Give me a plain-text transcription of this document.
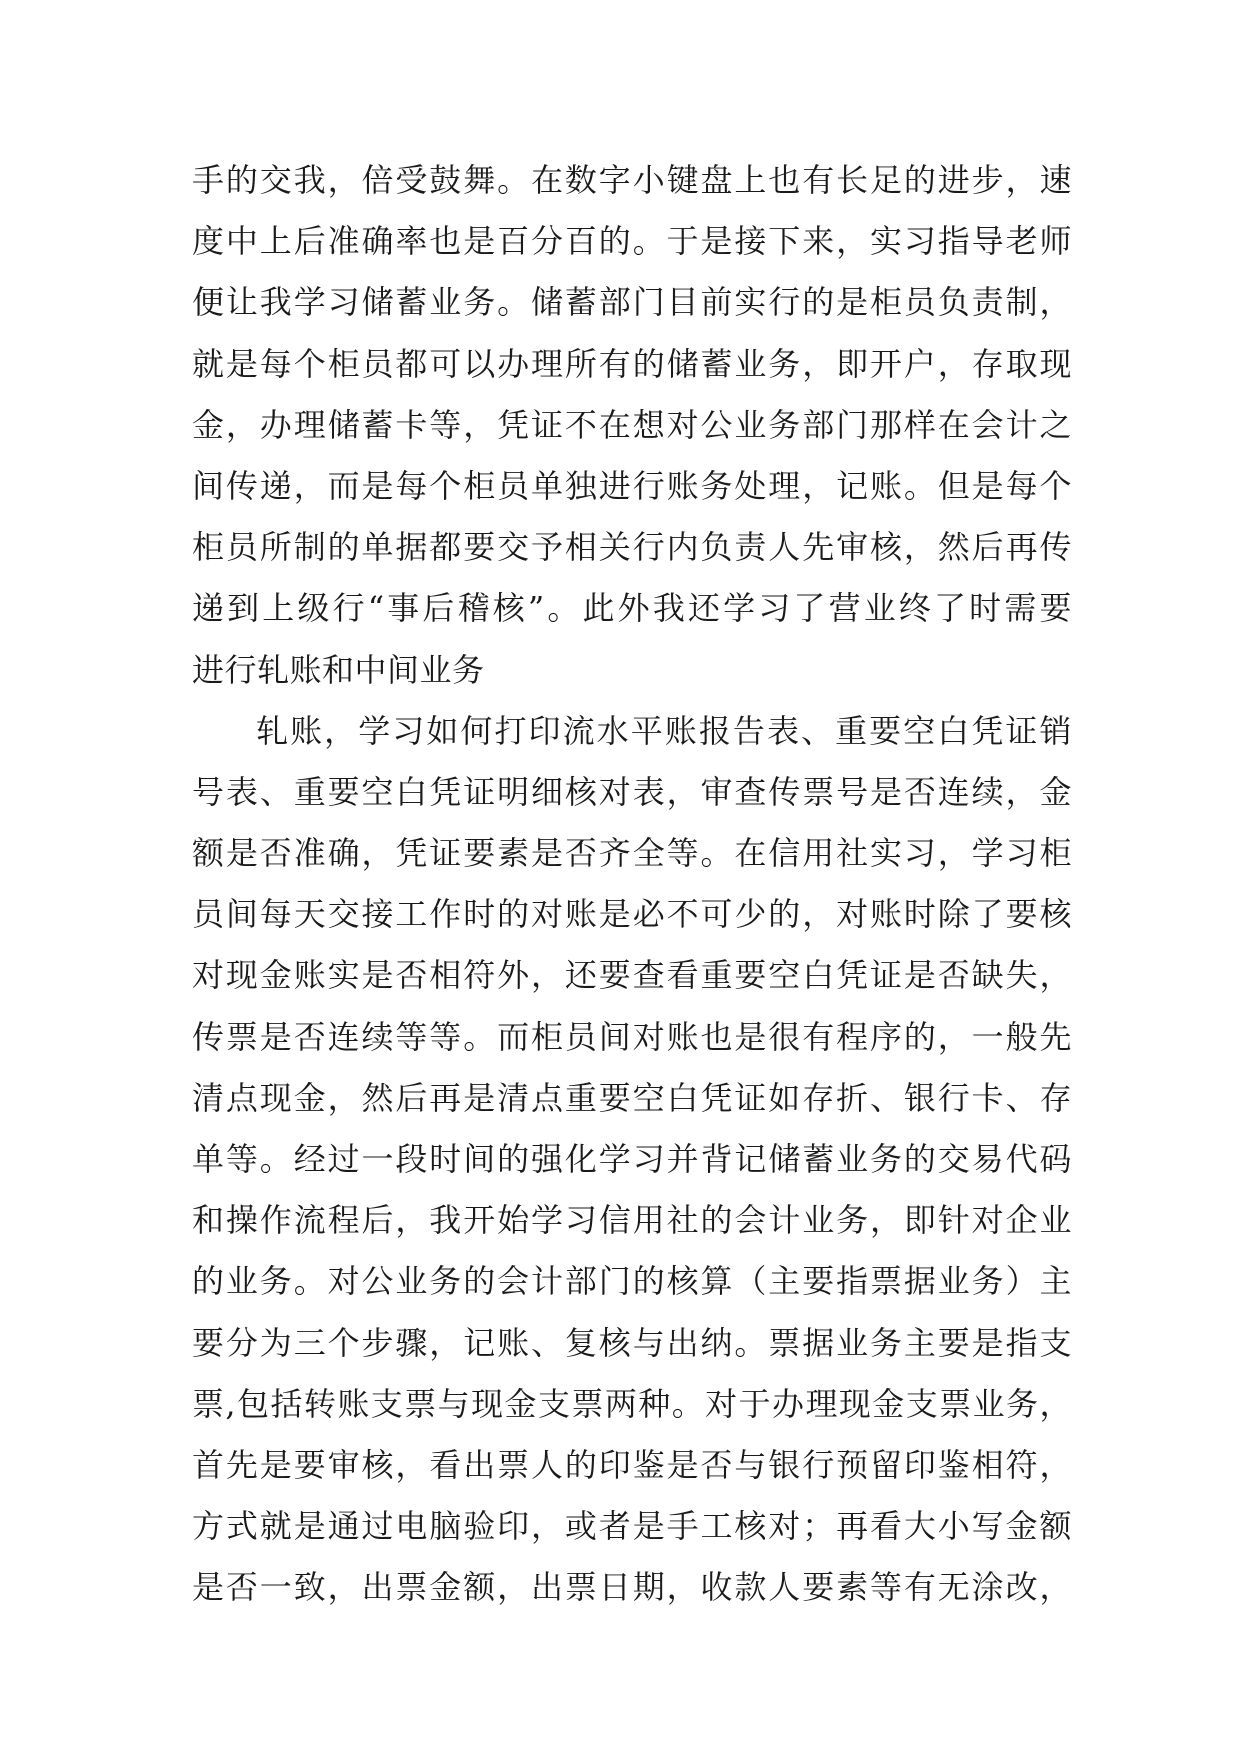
手的交我，倍受鼓舞。在数字小键盘上也有长足的进步，速
度中上后准确率也是百分百的。于是接下来，实习指导老师
便让我学习储蓄业务。储蓄部门目前实行的是柜员负责制，
就是每个柜员都可以办理所有的储蓄业务，即开户，存取现
金，办理储蓄卡等，凭证不在想对公业务部门那样在会计之
间传递，而是每个柜员单独进行账务处理，记账。但是每个
柜员所制的单据都要交予相关行内负责人先审核，然后再传
递到上级行“事后稽核”。此外我还学习了营业终了时需要
进行轧账和中间业务
轧账，学习如何打印流水平账报告表、重要空白凭证销
号表、重要空白凭证明细核对表，审查传票号是否连续，金
额是否准确，凭证要素是否齐全等。在信用社实习，学习柜
员间每天交接工作时的对账是必不可少的，对账时除了要核
对现金账实是否相符外，还要查看重要空白凭证是否缺失，
传票是否连续等等。而柜员间对账也是很有程序的，一般先
清点现金，然后再是清点重要空白凭证如存折、银行卡、存
单等。经过一段时间的强化学习并背记储蓄业务的交易代码
和操作流程后，我开始学习信用社的会计业务，即针对企业
的业务。对公业务的会计部门的核算（主要指票据业务）主
要分为三个步骤，记账、复核与出纳。票据业务主要是指支
票,包括转账支票与现金支票两种。对于办理现金支票业务，
首先是要审核，看出票人的印鉴是否与银行预留印鉴相符，
方式就是通过电脑验印，或者是手工核对；再看大小写金额
是否一致，出票金额，出票日期，收款人要素等有无涂改，
